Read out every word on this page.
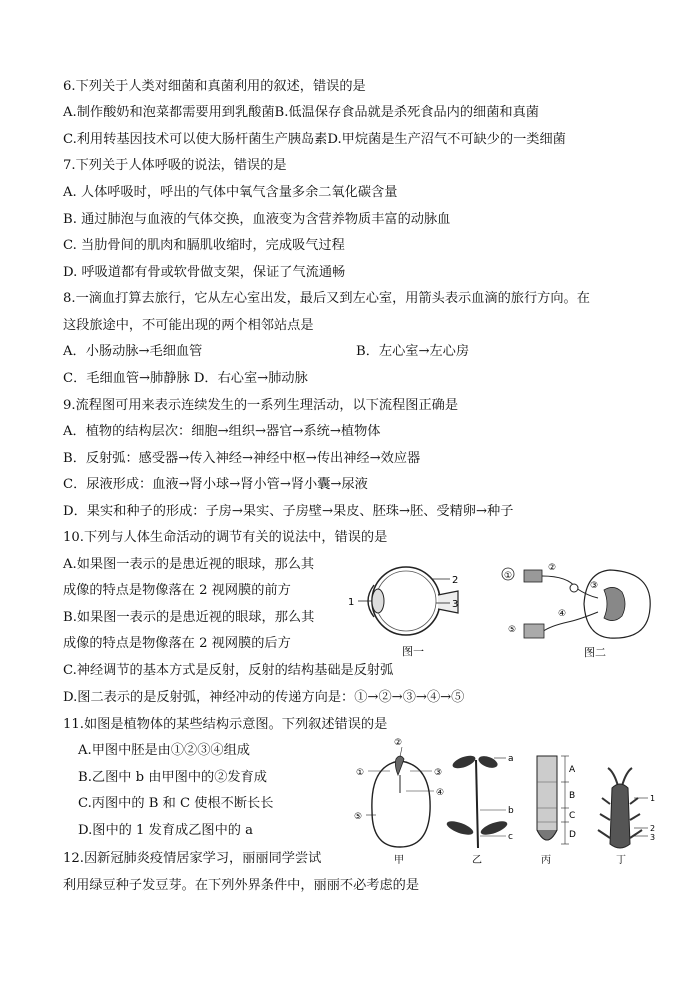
6.下列关于人类对细菌和真菌利用的叙述，错误的是
A.制作酸奶和泡菜都需要用到乳酸菌B.低温保存食品就是杀死食品内的细菌和真菌
C.利用转基因技术可以使大肠杆菌生产胰岛素D.甲烷菌是生产沼气不可缺少的一类细菌
7.下列关于人体呼吸的说法，错误的是
A. 人体呼吸时，呼出的气体中氧气含量多余二氧化碳含量
B. 通过肺泡与血液的气体交换，血液变为含营养物质丰富的动脉血
C. 当肋骨间的肌肉和膈肌收缩时，完成吸气过程
D. 呼吸道都有骨或软骨做支架，保证了气流通畅
8.一滴血打算去旅行，它从左心室出发，最后又到左心室，用箭头表示血滴的旅行方向。在
这段旅途中，不可能出现的两个相邻站点是
A．小肠动脉→毛细血管	B．左心室→左心房
C．毛细血管→肺静脉 D．右心室→肺动脉
9.流程图可用来表示连续发生的一系列生理活动，以下流程图正确是
A．植物的结构层次：细胞→组织→器官→系统→植物体
B．反射弧：感受器→传入神经→神经中枢→传出神经→效应器
C．尿液形成：血液→肾小球→肾小管→肾小囊→尿液
D．果实和种子的形成：子房→果实、子房壁→果皮、胚珠→胚、受精卵→种子
10.下列与人体生命活动的调节有关的说法中，错误的是
A.如果图一表示的是患近视的眼球，那么其
成像的特点是物像落在 2 视网膜的前方
B.如果图一表示的是患近视的眼球，那么其
成像的特点是物像落在 2 视网膜的后方
C.神经调节的基本方式是反射，反射的结构基础是反射弧
D.图二表示的是反射弧，神经冲动的传递方向是：①→②→③→④→⑤
1
2
3
图一
①
②
③
④
⑤
图二
11.如图是植物体的某些结构示意图。下列叙述错误的是
A.甲图中胚是由①②③④组成
B.乙图中 b 由甲图中的②发育成
C.丙图中的 B 和 C 使根不断长长
D.图中的 1 发育成乙图中的 a
①
②
③
④
⑤
甲
a
b
c
乙
A
B
C
D
丙
1
2
3
丁
12.因新冠肺炎疫情居家学习，丽丽同学尝试
利用绿豆种子发豆芽。在下列外界条件中，丽丽不必考虑的是
